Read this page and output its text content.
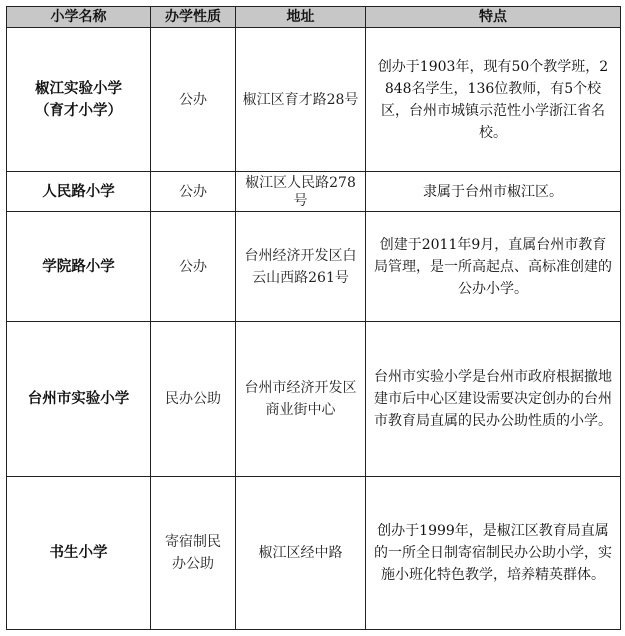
小学名称	办学性质	地址	特点
椒江实验小学（育才小学）	公办	椒江区育才路28号	创办于1903年，现有50个教学班，2848名学生，136位教师，有5个校区，台州市城镇示范性小学浙江省名校。
人民路小学	公办	椒江区人民路278号	隶属于台州市椒江区。
学院路小学	公办	台州经济开发区白云山西路261号	创建于2011年9月，直属台州市教育局管理，是一所高起点、高标准创建的公办小学。
台州市实验小学	民办公助	台州市经济开发区商业街中心	台州市实验小学是台州市政府根据撤地建市后中心区建设需要决定创办的台州市教育局直属的民办公助性质的小学。
书生小学	寄宿制民办公助	椒江区经中路	创办于1999年，是椒江区教育局直属的一所全日制寄宿制民办公助小学，实施小班化特色教学，培养精英群体。
